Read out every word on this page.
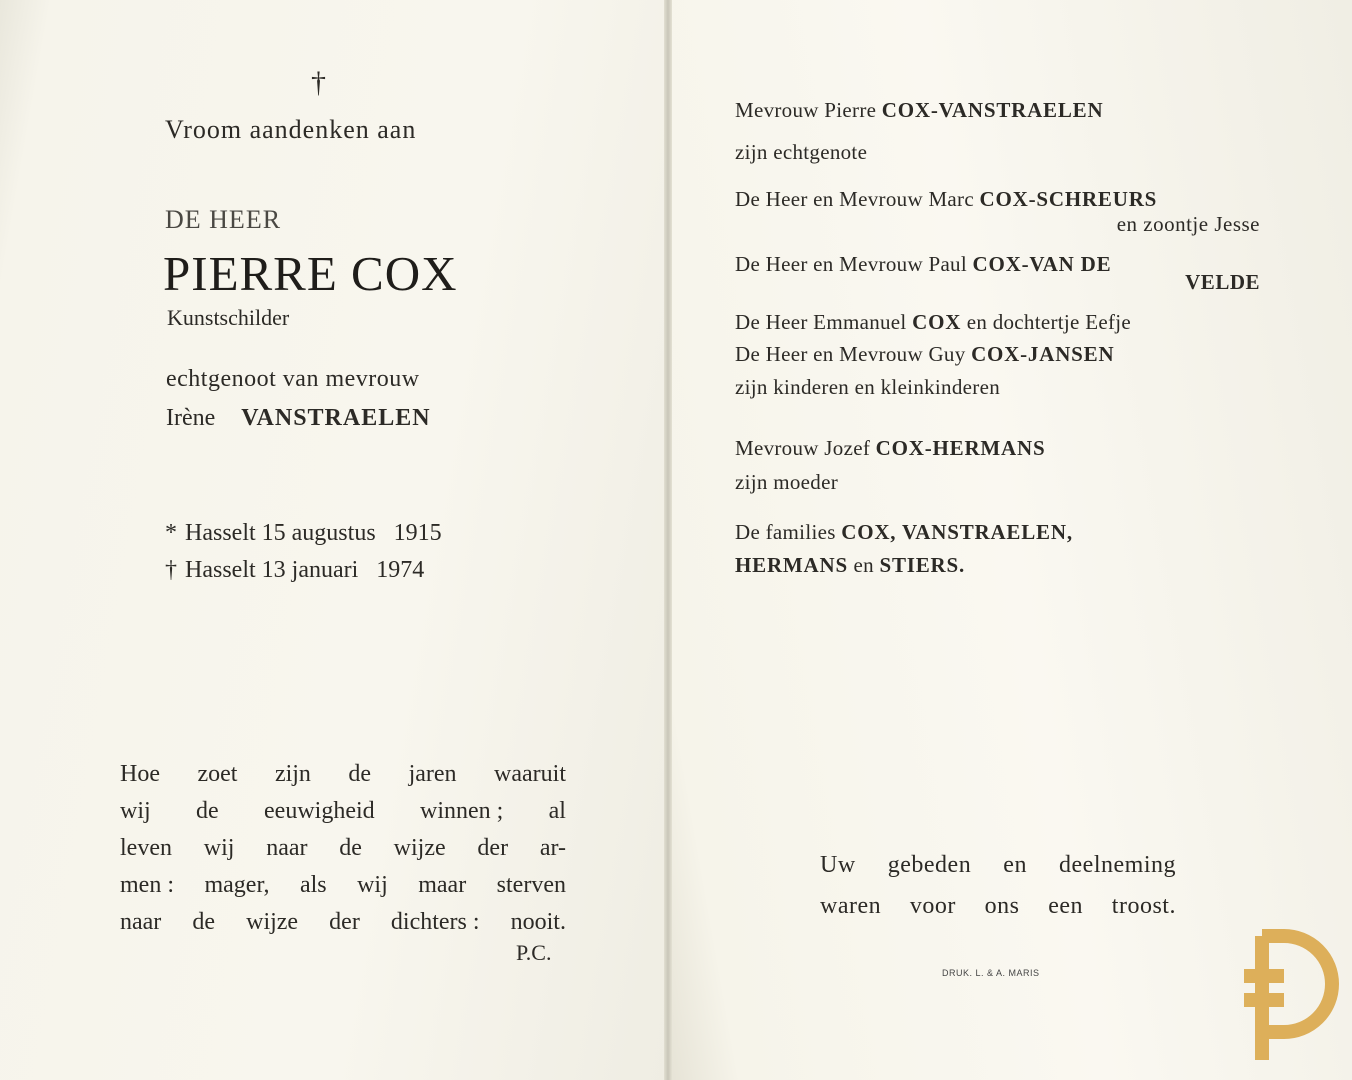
†
Vroom aandenken aan
DE HEER
PIERRE COX
Kunstschilder
echtgenoot van mevrouw
Irène VANSTRAELEN
* Hasselt 15 augustus 1915
† Hasselt 13 januari 1974
Hoe zoet zijn de jaren waaruit
wij de eeuwigheid winnen ; al
leven wij naar de wijze der ar-
men : mager, als wij maar sterven
naar de wijze der dichters : nooit.
P.C.
Mevrouw Pierre COX-VANSTRAELEN
zijn echtgenote
De Heer en Mevrouw Marc COX-SCHREURS
en zoontje Jesse
De Heer en Mevrouw Paul COX-VAN DE
VELDE
De Heer Emmanuel COX en dochtertje Eefje
De Heer en Mevrouw Guy COX-JANSEN
zijn kinderen en kleinkinderen
Mevrouw Jozef COX-HERMANS
zijn moeder
De families COX, VANSTRAELEN,
HERMANS en STIERS.
Uw gebeden en deelneming
waren voor ons een troost.
DRUK. L. & A. MARIS
